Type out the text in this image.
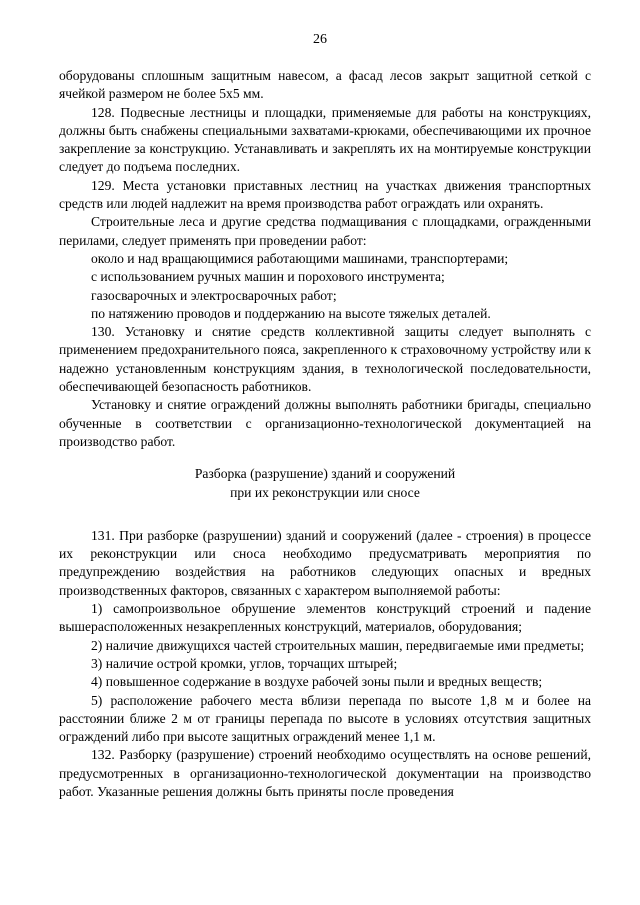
26

оборудованы сплошным защитным навесом, а фасад лесов закрыт защитной сеткой с ячейкой размером не более 5х5 мм.

128. Подвесные лестницы и площадки, применяемые для работы на конструкциях, должны быть снабжены специальными захватами-крюками, обеспечивающими их прочное закрепление за конструкцию. Устанавливать и закреплять их на монтируемые конструкции следует до подъема последних.

129. Места установки приставных лестниц на участках движения транспортных средств или людей надлежит на время производства работ ограждать или охранять.

Строительные леса и другие средства подмащивания с площадками, огражденными перилами, следует применять при проведении работ:

около и над вращающимися работающими машинами, транспортерами;

с использованием ручных машин и порохового инструмента;

газосварочных и электросварочных работ;

по натяжению проводов и поддержанию на высоте тяжелых деталей.

130. Установку и снятие средств коллективной защиты следует выполнять с применением предохранительного пояса, закрепленного к страховочному устройству или к надежно установленным конструкциям здания, в технологической последовательности, обеспечивающей безопасность работников.

Установку и снятие ограждений должны выполнять работники бригады, специально обученные в соответствии с организационно-технологической документацией на производство работ.

Разборка (разрушение) зданий и сооружений
при их реконструкции или сносе

131. При разборке (разрушении) зданий и сооружений (далее - строения) в процессе их реконструкции или сноса необходимо предусматривать мероприятия по предупреждению воздействия на работников следующих опасных и вредных производственных факторов, связанных с характером выполняемой работы:

1) самопроизвольное обрушение элементов конструкций строений и падение вышерасположенных незакрепленных конструкций, материалов, оборудования;

2) наличие движущихся частей строительных машин, передвигаемые ими предметы;

3) наличие острой кромки, углов, торчащих штырей;

4) повышенное содержание в воздухе рабочей зоны пыли и вредных веществ;

5) расположение рабочего места вблизи перепада по высоте 1,8 м и более на расстоянии ближе 2 м от границы перепада по высоте в условиях отсутствия защитных ограждений либо при высоте защитных ограждений менее 1,1 м.

132. Разборку (разрушение) строений необходимо осуществлять на основе решений, предусмотренных в организационно-технологической документации на производство работ. Указанные решения должны быть приняты после проведения
